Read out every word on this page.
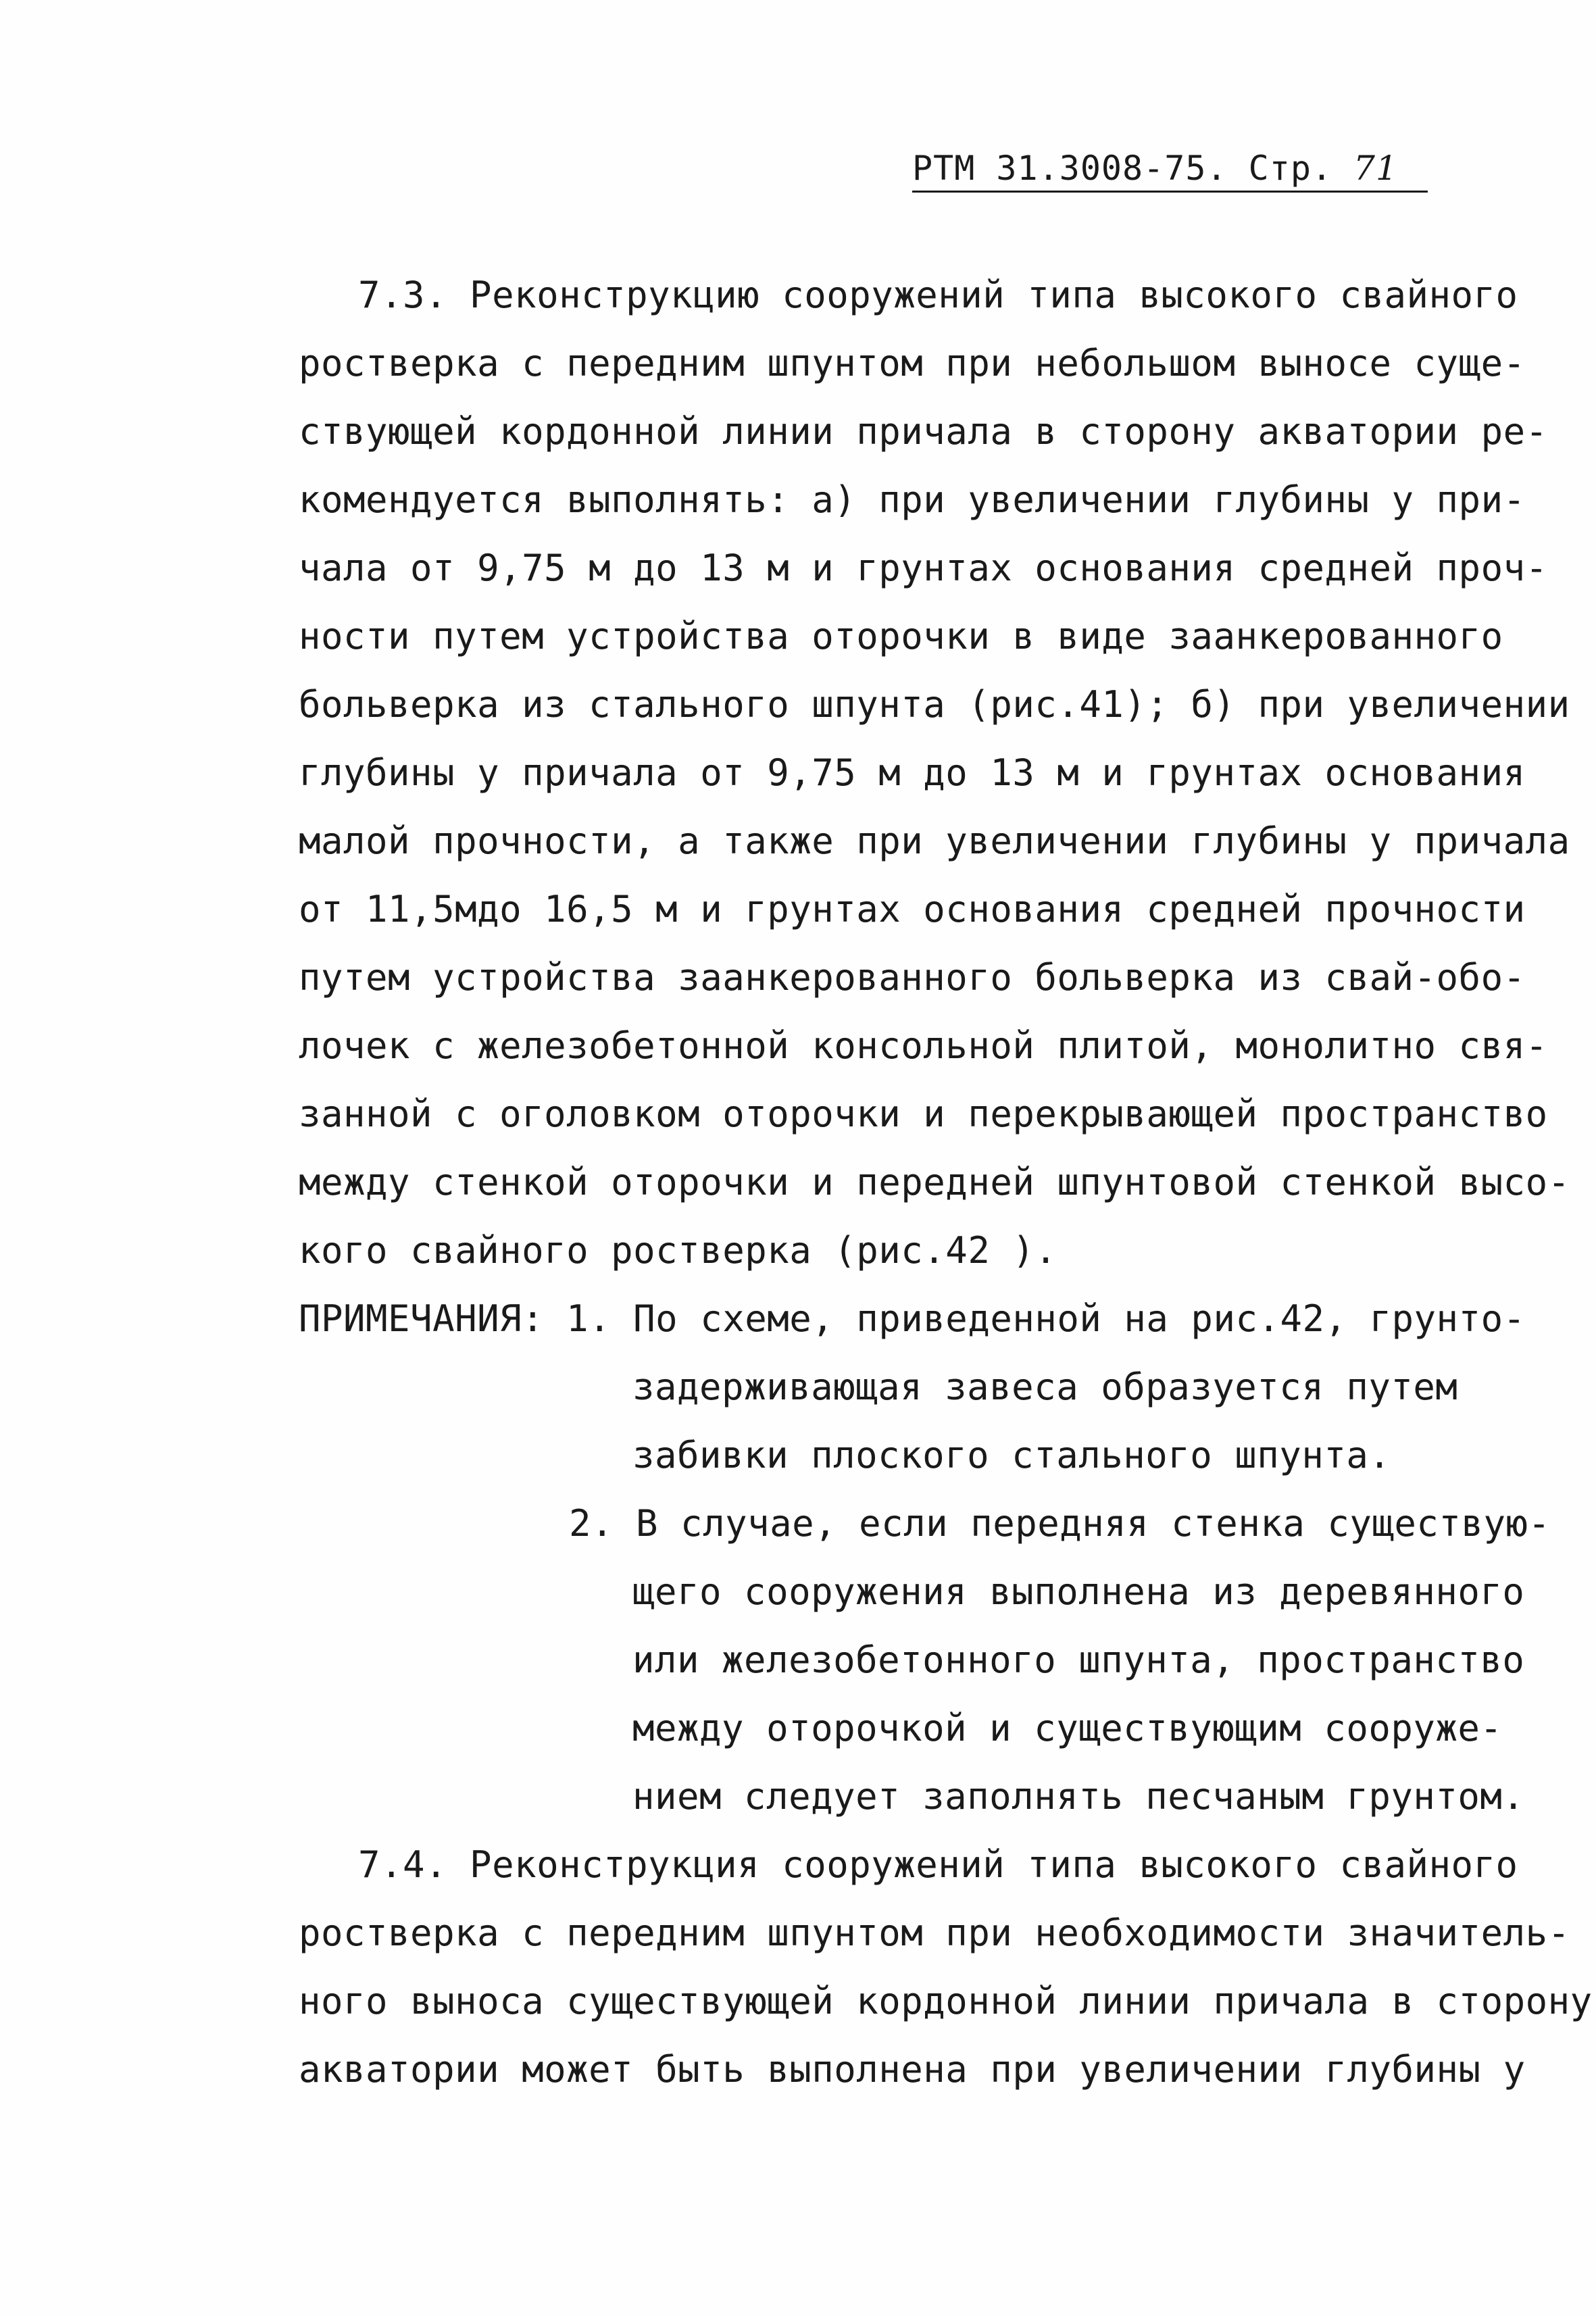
РТМ 31.3008-75. Стр. 71
7.3. Реконструкцию сооружений типа высокого свайного
ростверка с передним шпунтом при небольшом выносе суще-
ствующей кордонной линии причала в сторону акватории ре-
комендуется выполнять: а) при увеличении глубины у при-
чала от 9,75 м до 13 м и грунтах основания средней проч-
ности путем устройства оторочки в виде заанкерованного
больверка из стального шпунта (рис.41); б) при увеличении
глубины у причала от 9,75 м до 13 м и грунтах основания
малой прочности, а также при увеличении глубины у причала
от 11,5мдо 16,5 м и грунтах основания средней прочности
путем устройства заанкерованного больверка из свай-обо-
лочек с железобетонной консольной плитой, монолитно свя-
занной с оголовком оторочки и перекрывающей пространство
между стенкой оторочки и передней шпунтовой стенкой высо-
кого свайного ростверка (рис.42 ).
ПРИМЕЧАНИЯ: 1. По схеме, приведенной на рис.42, грунто-
задерживающая завеса образуется путем
забивки плоского стального шпунта.
2. В случае, если передняя стенка существую-
щего сооружения выполнена из деревянного
или железобетонного шпунта, пространство
между оторочкой и существующим сооруже-
нием следует заполнять песчаным грунтом.
7.4. Реконструкция сооружений типа высокого свайного
ростверка с передним шпунтом при необходимости значитель-
ного выноса существующей кордонной линии причала в сторону
акватории может быть выполнена при увеличении глубины у
